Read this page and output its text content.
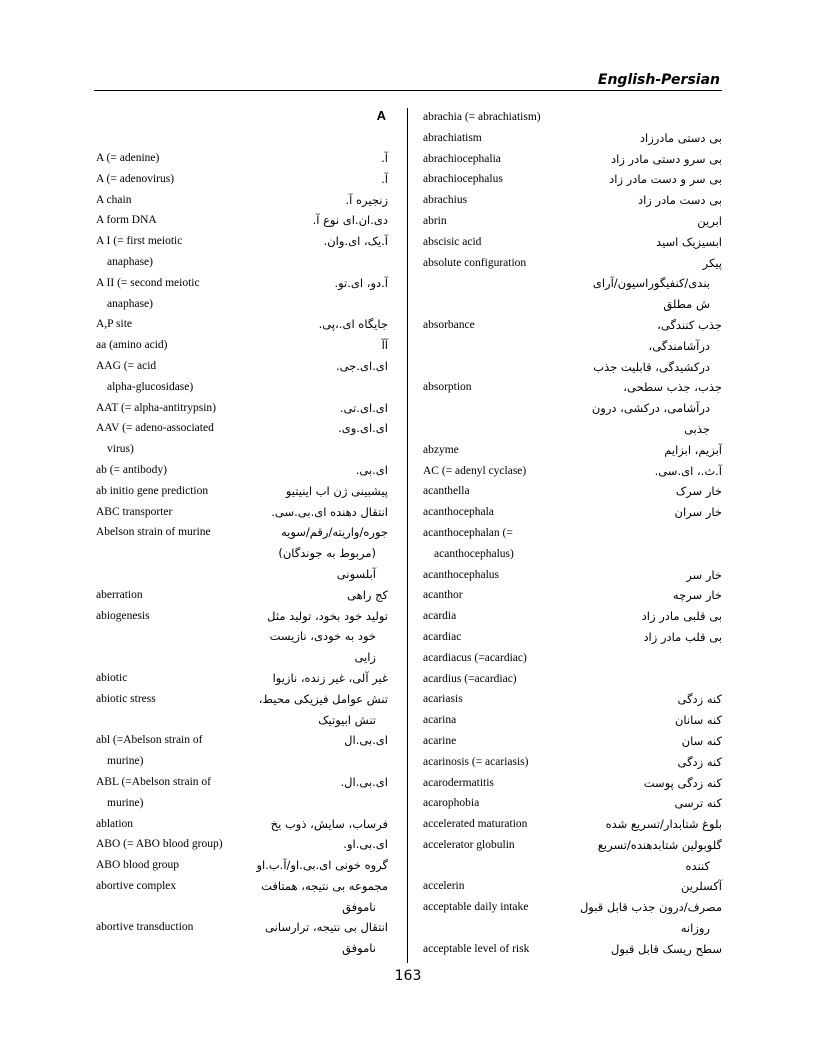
English-Persian
A
A (= adenine)	آ.
A (= adenovirus)	آ.
A chain	زنجیره آ.
A form DNA	دی.ان.ای نوع آ.
A I (= first meiotic	آ.یک، ای.وان.
anaphase)
A II (= second meiotic	آ.دو، ای.تو.
anaphase)
A,P site	جایگاه ای.،پی.
aa (amino acid)	آآ
AAG (= acid	ای.ای.جی.
alpha-glucosidase)
AAT (= alpha-antitrypsin)	ای.ای.تی.
AAV (= adeno-associated	ای.ای.وی.
virus)
ab (= antibody)	ای.بی.
ab initio gene prediction	پیشبینی ژن اب اینیتیو
ABC transporter	انتقال دهنده ای.بی.سی.
Abelson strain of murine	جوره/واریته/رقم/سویه
(مربوط به جوندگان)
آبلسونی
aberration	کج راهی
abiogenesis	تولید خود بخود، تولید مثل
خود به خودی، نازیست
زایی
abiotic	غیر آلی، غیر زنده، نازیوا
abiotic stress	تنش عوامل فیزیکی محیط،
تنش ابیوتیک
abl (=Abelson strain of	ای.بی.ال
murine)
ABL (=Abelson strain of	ای.بی.ال.
murine)
ablation	فرساب، سایش، ذوب یخ
ABO (= ABO blood group)	ای.بی.او.
ABO blood group	گروه خونی ای.بی.او/آ.ب.او
abortive complex	مجموعه بی نتیجه، همتافت
ناموفق
abortive transduction	انتقال بی نتیجه، ترارسانی
ناموفق
abrachia (= abrachiatism)
abrachiatism	بی دستی مادرزاد
abrachiocephalia	بی سرو دستی مادر زاد
abrachiocephalus	بی سر و دست مادر زاد
abrachius	بی دست مادر زاد
abrin	ابرین
abscisic acid	ابسیزیک اسید
absolute configuration	پیکر
بندی/کنفیگوراسیون/آرای
ش مطلق
absorbance	جذب کنندگی،
درآشامندگی،
درکشیدگی، قابلیت جذب
absorption	جذب، جذب سطحی،
درآشامی، درکشی، درون
جذبی
abzyme	آبزیم، ابزایم
AC (= adenyl cyclase)	آ.ث.، ای.سی.
acanthella	خار سرک
acanthocephala	خار سران
acanthocephalan (=
acanthocephalus)
acanthocephalus	خار سر
acanthor	خار سرچه
acardia	بی قلبی مادر زاد
acardiac	بی قلب مادر زاد
acardiacus (=acardiac)
acardius (=acardiac)
acariasis	کنه زدگی
acarina	کنه سانان
acarine	کنه سان
acarinosis (= acariasis)	کنه زدگی
acarodermatitis	کنه زدگی پوست
acarophobia	کنه ترسی
accelerated maturation	بلوغ شتابدار/تسریع شده
accelerator globulin	گلوبولین شتابدهنده/تسریع
کننده
accelerin	آکسلرین
acceptable daily intake	مصرف/درون جذب قابل قبول
روزانه
acceptable level of risk	سطح ریسک قابل قبول
163
